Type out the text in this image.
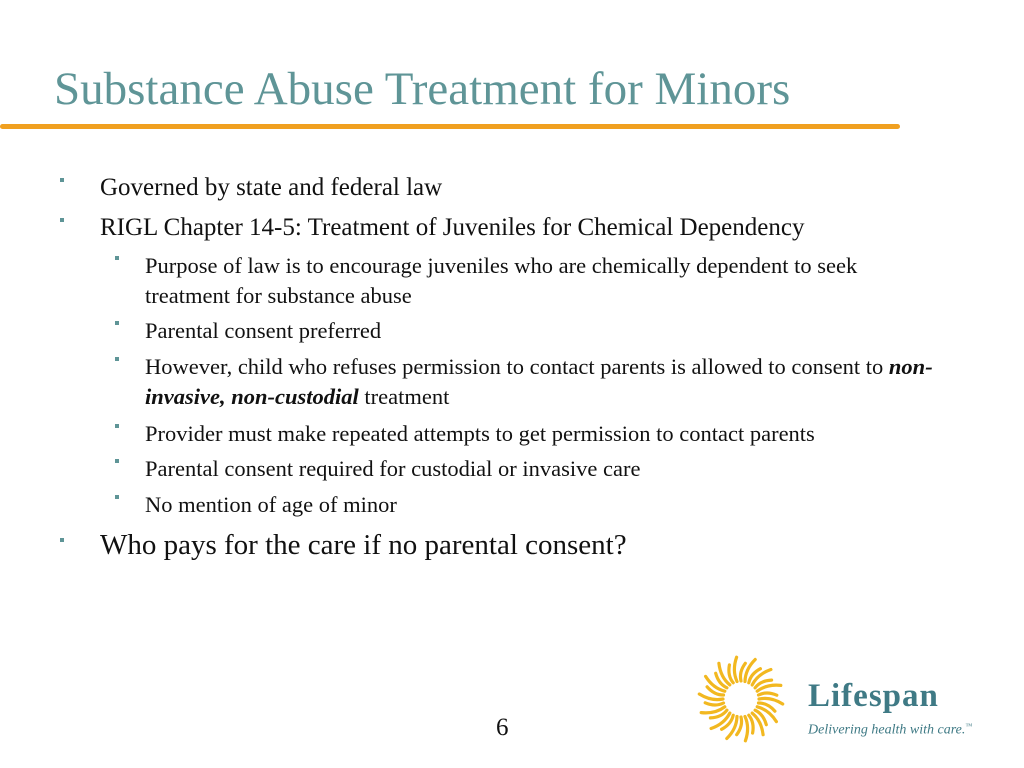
Substance Abuse Treatment for Minors
Governed by state and federal law
RIGL Chapter 14-5: Treatment of Juveniles for Chemical Dependency
Purpose of law is to encourage juveniles who are chemically dependent to seek treatment for substance abuse
Parental consent preferred
However, child who refuses permission to contact parents is allowed to consent to non-invasive, non-custodial treatment
Provider must make repeated attempts to get permission to contact parents
Parental consent required for custodial or invasive care
No mention of age of minor
Who pays for the care if no parental consent?
6
Lifespan
Delivering health with care.™
